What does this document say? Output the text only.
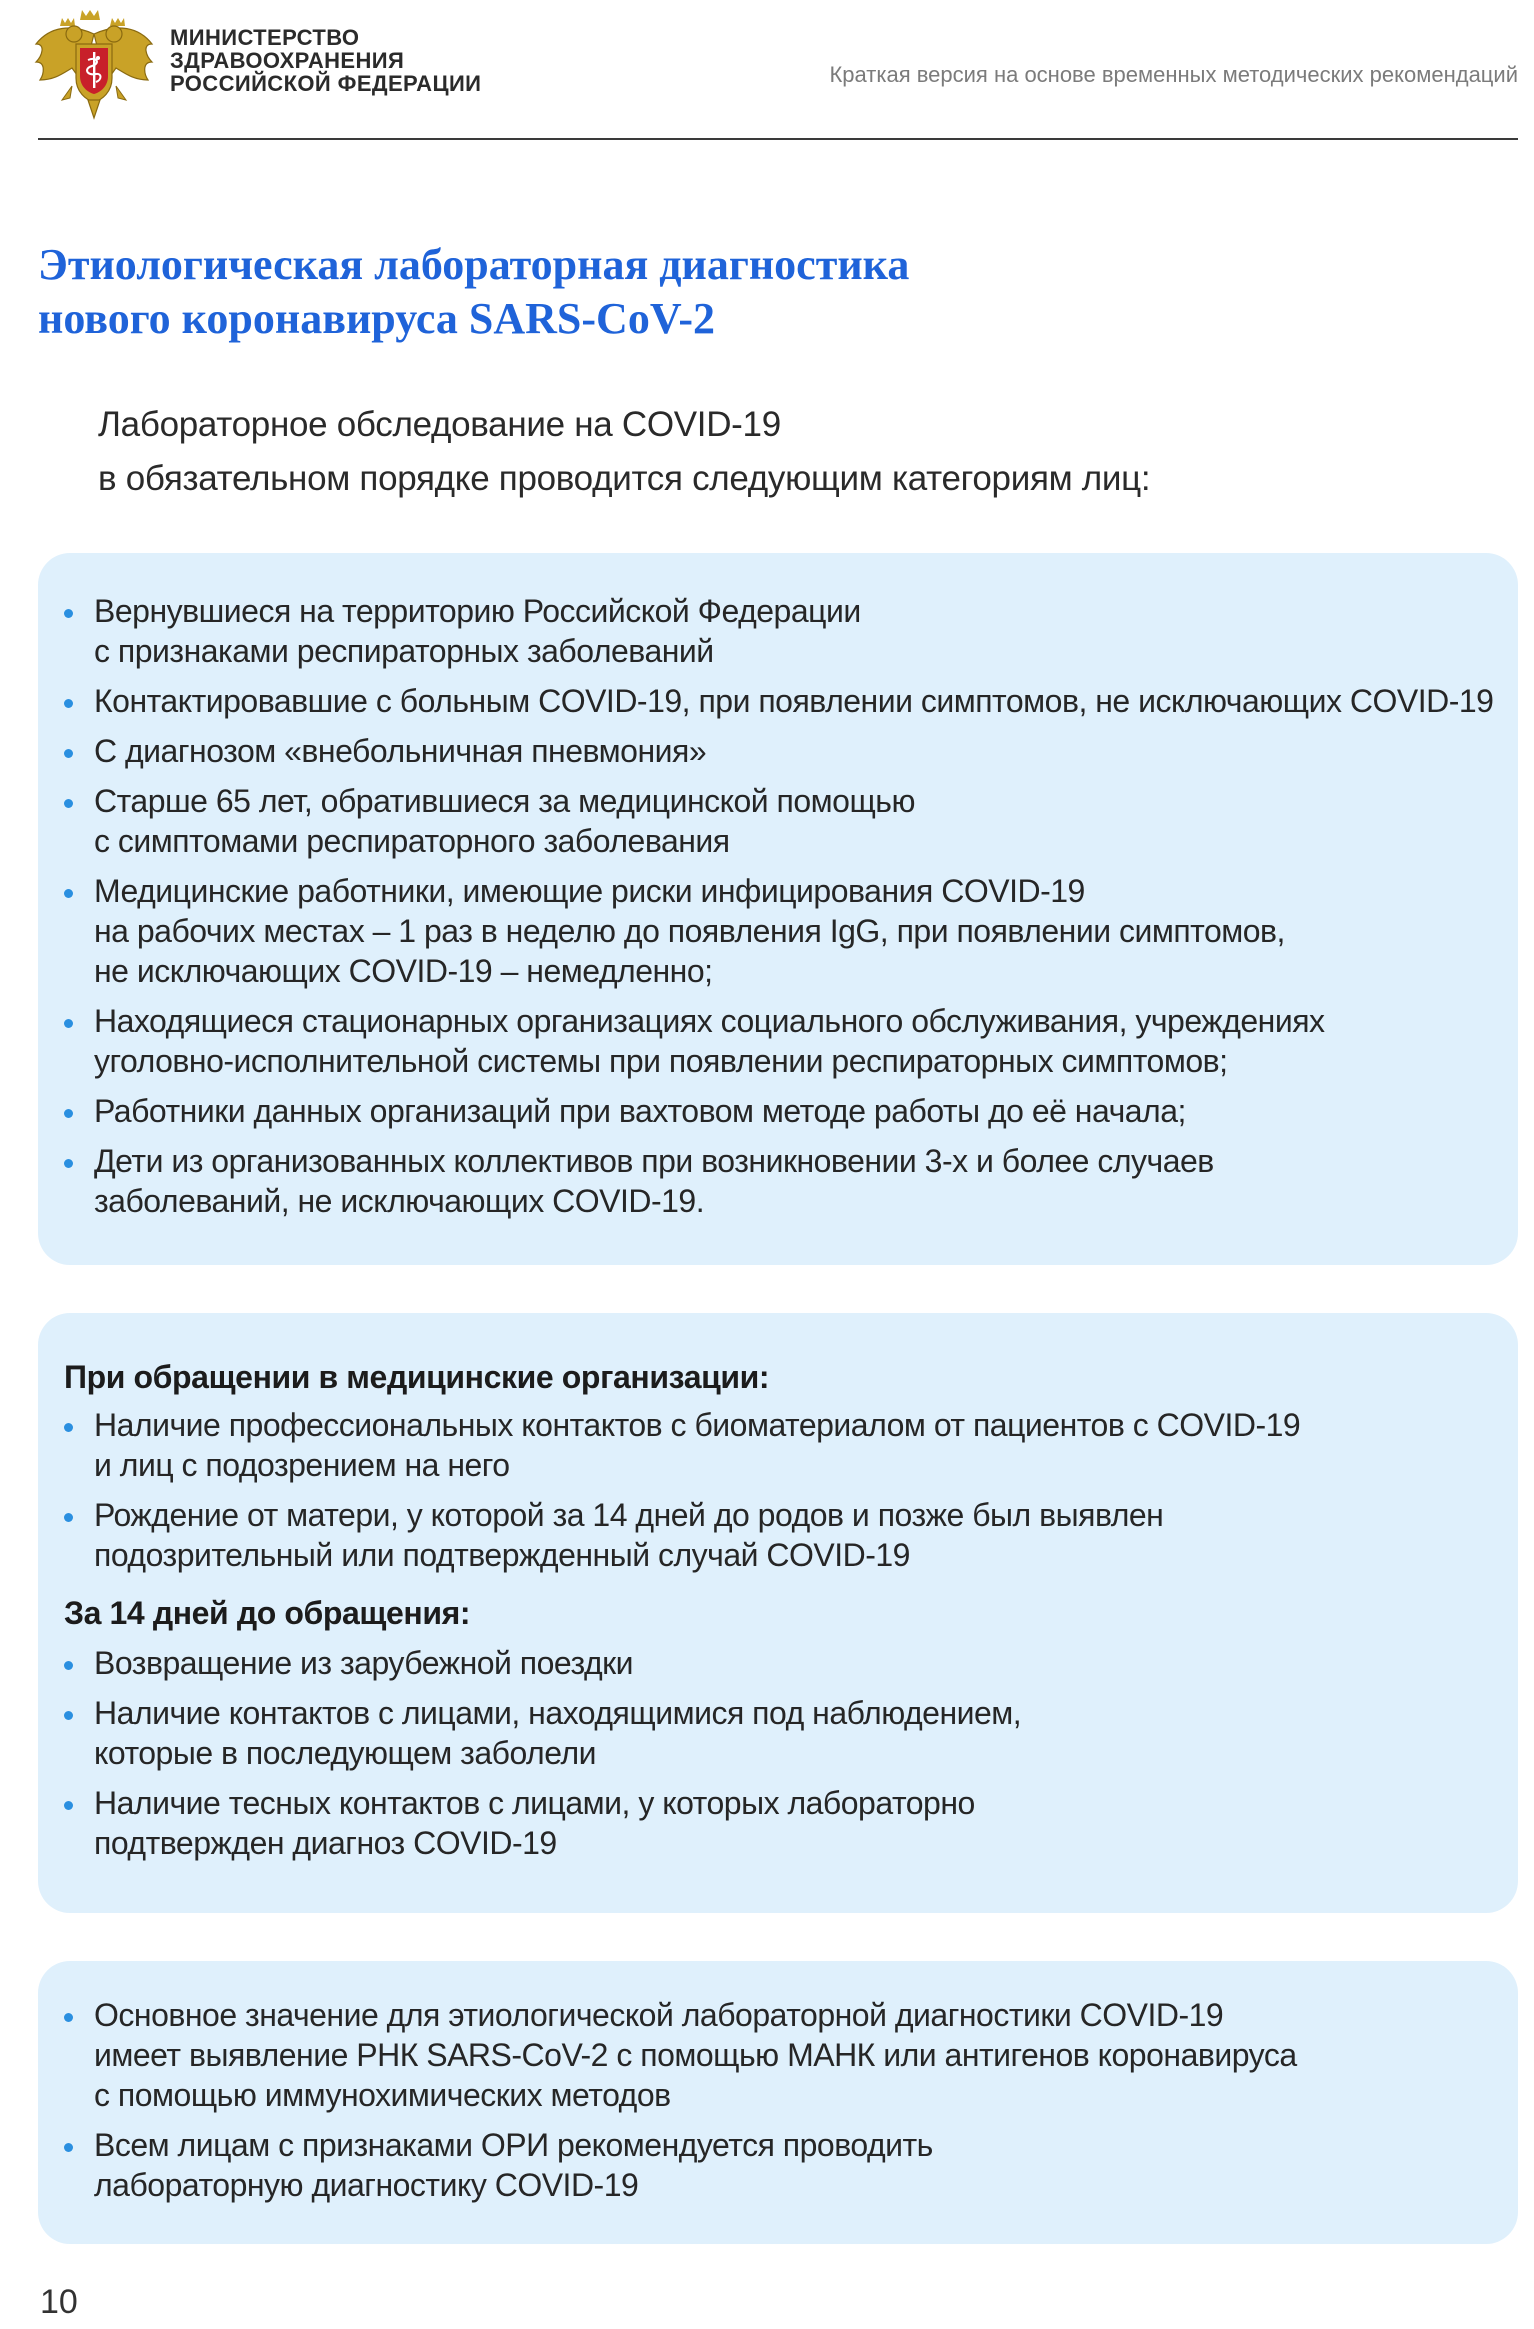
МИНИСТЕРСТВО
ЗДРАВООХРАНЕНИЯ
РОССИЙСКОЙ ФЕДЕРАЦИИ	Краткая версия на основе временных методических рекомендаций
Этиологическая лабораторная диагностика
нового коронавируса SARS-CoV-2
Лабораторное обследование на COVID-19
в обязательном порядке проводится следующим категориям лиц:
Вернувшиеся на территорию Российской Федерации
с признаками респираторных заболеваний
Контактировавшие с больным COVID-19, при появлении симптомов, не исключающих COVID-19
С диагнозом «внебольничная пневмония»
Старше 65 лет, обратившиеся за медицинской помощью
с симптомами респираторного заболевания
Медицинские работники, имеющие риски инфицирования COVID-19
на рабочих местах – 1 раз в неделю до появления IgG, при появлении симптомов,
не исключающих COVID-19 – немедленно;
Находящиеся стационарных организациях социального обслуживания, учреждениях
уголовно-исполнительной системы при появлении респираторных симптомов;
Работники данных организаций при вахтовом методе работы до её начала;
Дети из организованных коллективов при возникновении 3-х и более случаев
заболеваний, не исключающих COVID-19.
При обращении в медицинские организации:
Наличие профессиональных контактов с биоматериалом от пациентов с COVID-19
и лиц с подозрением на него
Рождение от матери, у которой за 14 дней до родов и позже был выявлен
подозрительный или подтвержденный случай COVID-19
За 14 дней до обращения:
Возвращение из зарубежной поездки
Наличие контактов с лицами, находящимися под наблюдением,
которые в последующем заболели
Наличие тесных контактов с лицами, у которых лабораторно
подтвержден диагноз COVID-19
Основное значение для этиологической лабораторной диагностики COVID-19
имеет выявление РНК SARS-CoV-2 с помощью МАНК или антигенов коронавируса
с помощью иммунохимических методов
Всем лицам с признаками ОРИ рекомендуется проводить
лабораторную диагностику COVID-19
10
